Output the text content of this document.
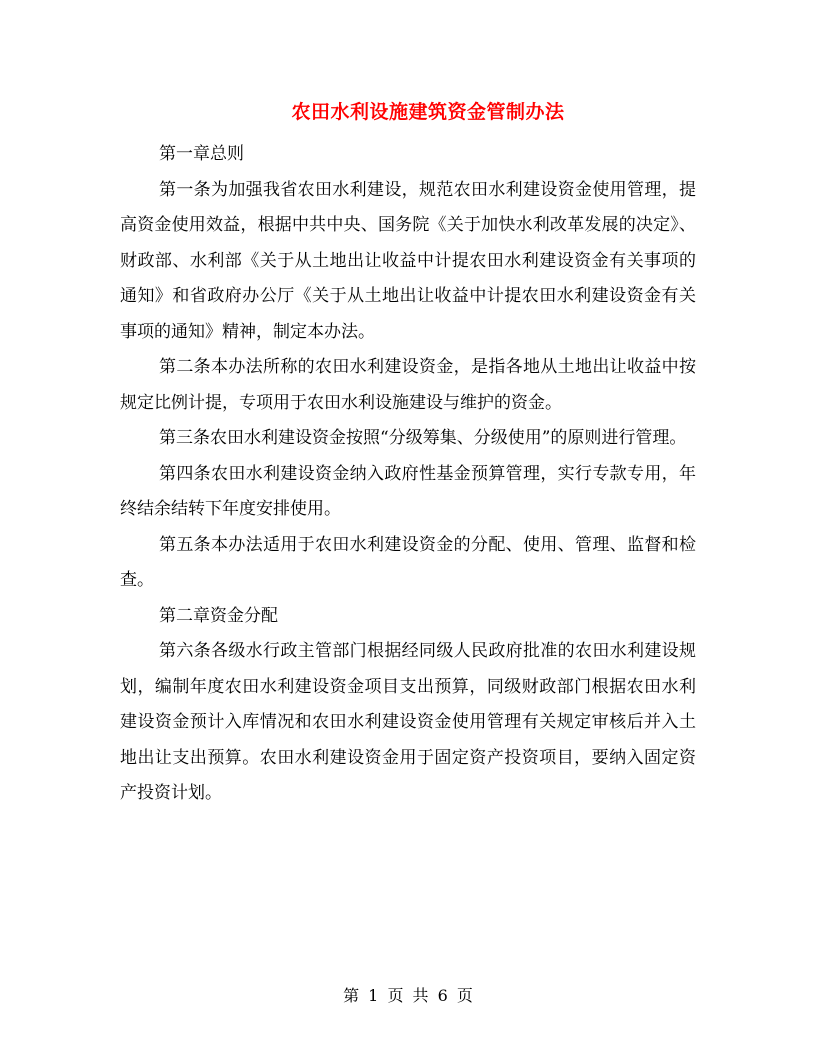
农田水利设施建筑资金管制办法

第一章总则

第一条为加强我省农田水利建设，规范农田水利建设资金使用管理，提高资金使用效益，根据中共中央、国务院《关于加快水利改革发展的决定》、财政部、水利部《关于从土地出让收益中计提农田水利建设资金有关事项的通知》和省政府办公厅《关于从土地出让收益中计提农田水利建设资金有关事项的通知》精神，制定本办法。

第二条本办法所称的农田水利建设资金，是指各地从土地出让收益中按规定比例计提，专项用于农田水利设施建设与维护的资金。

第三条农田水利建设资金按照“分级筹集、分级使用”的原则进行管理。

第四条农田水利建设资金纳入政府性基金预算管理，实行专款专用，年终结余结转下年度安排使用。

第五条本办法适用于农田水利建设资金的分配、使用、管理、监督和检查。

第二章资金分配

第六条各级水行政主管部门根据经同级人民政府批准的农田水利建设规划，编制年度农田水利建设资金项目支出预算，同级财政部门根据农田水利建设资金预计入库情况和农田水利建设资金使用管理有关规定审核后并入土地出让支出预算。农田水利建设资金用于固定资产投资项目，要纳入固定资产投资计划。

第 1 页 共 6 页
